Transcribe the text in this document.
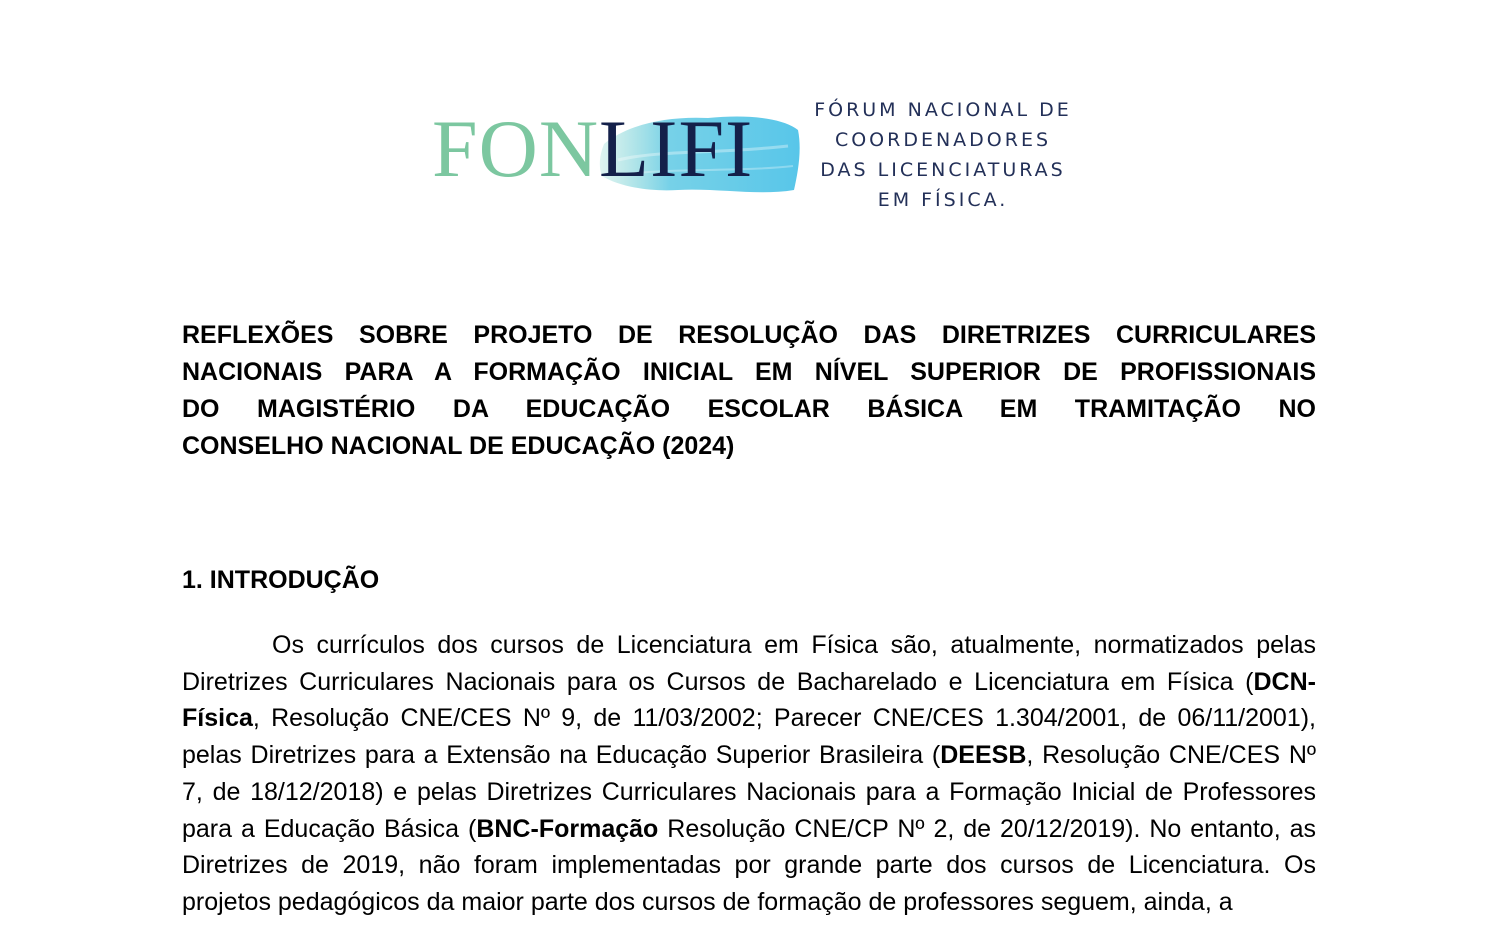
FONLIFI	FÓRUM NACIONAL DE
COORDENADORES
DAS LICENCIATURAS
EM FÍSICA.
REFLEXÕES SOBRE PROJETO DE RESOLUÇÃO DAS DIRETRIZES CURRICULARES
NACIONAIS PARA A FORMAÇÃO INICIAL EM NÍVEL SUPERIOR DE PROFISSIONAIS
DO MAGISTÉRIO DA EDUCAÇÃO ESCOLAR BÁSICA EM TRAMITAÇÃO NO
CONSELHO NACIONAL DE EDUCAÇÃO (2024)
1. INTRODUÇÃO

Os currículos dos cursos de Licenciatura em Física são, atualmente, normatizados pelas Diretrizes Curriculares Nacionais para os Cursos de Bacharelado e Licenciatura em Física (DCN-Física, Resolução CNE/CES Nº 9, de 11/03/2002; Parecer CNE/CES 1.304/2001, de 06/11/2001), pelas Diretrizes para a Extensão na Educação Superior Brasileira (DEESB, Resolução CNE/CES Nº 7, de 18/12/2018) e pelas Diretrizes Curriculares Nacionais para a Formação Inicial de Professores para a Educação Básica (BNC-Formação Resolução CNE/CP Nº 2, de 20/12/2019). No entanto, as Diretrizes de 2019, não foram implementadas por grande parte dos cursos de Licenciatura. Os projetos pedagógicos da maior parte dos cursos de formação de professores seguem, ainda, a
